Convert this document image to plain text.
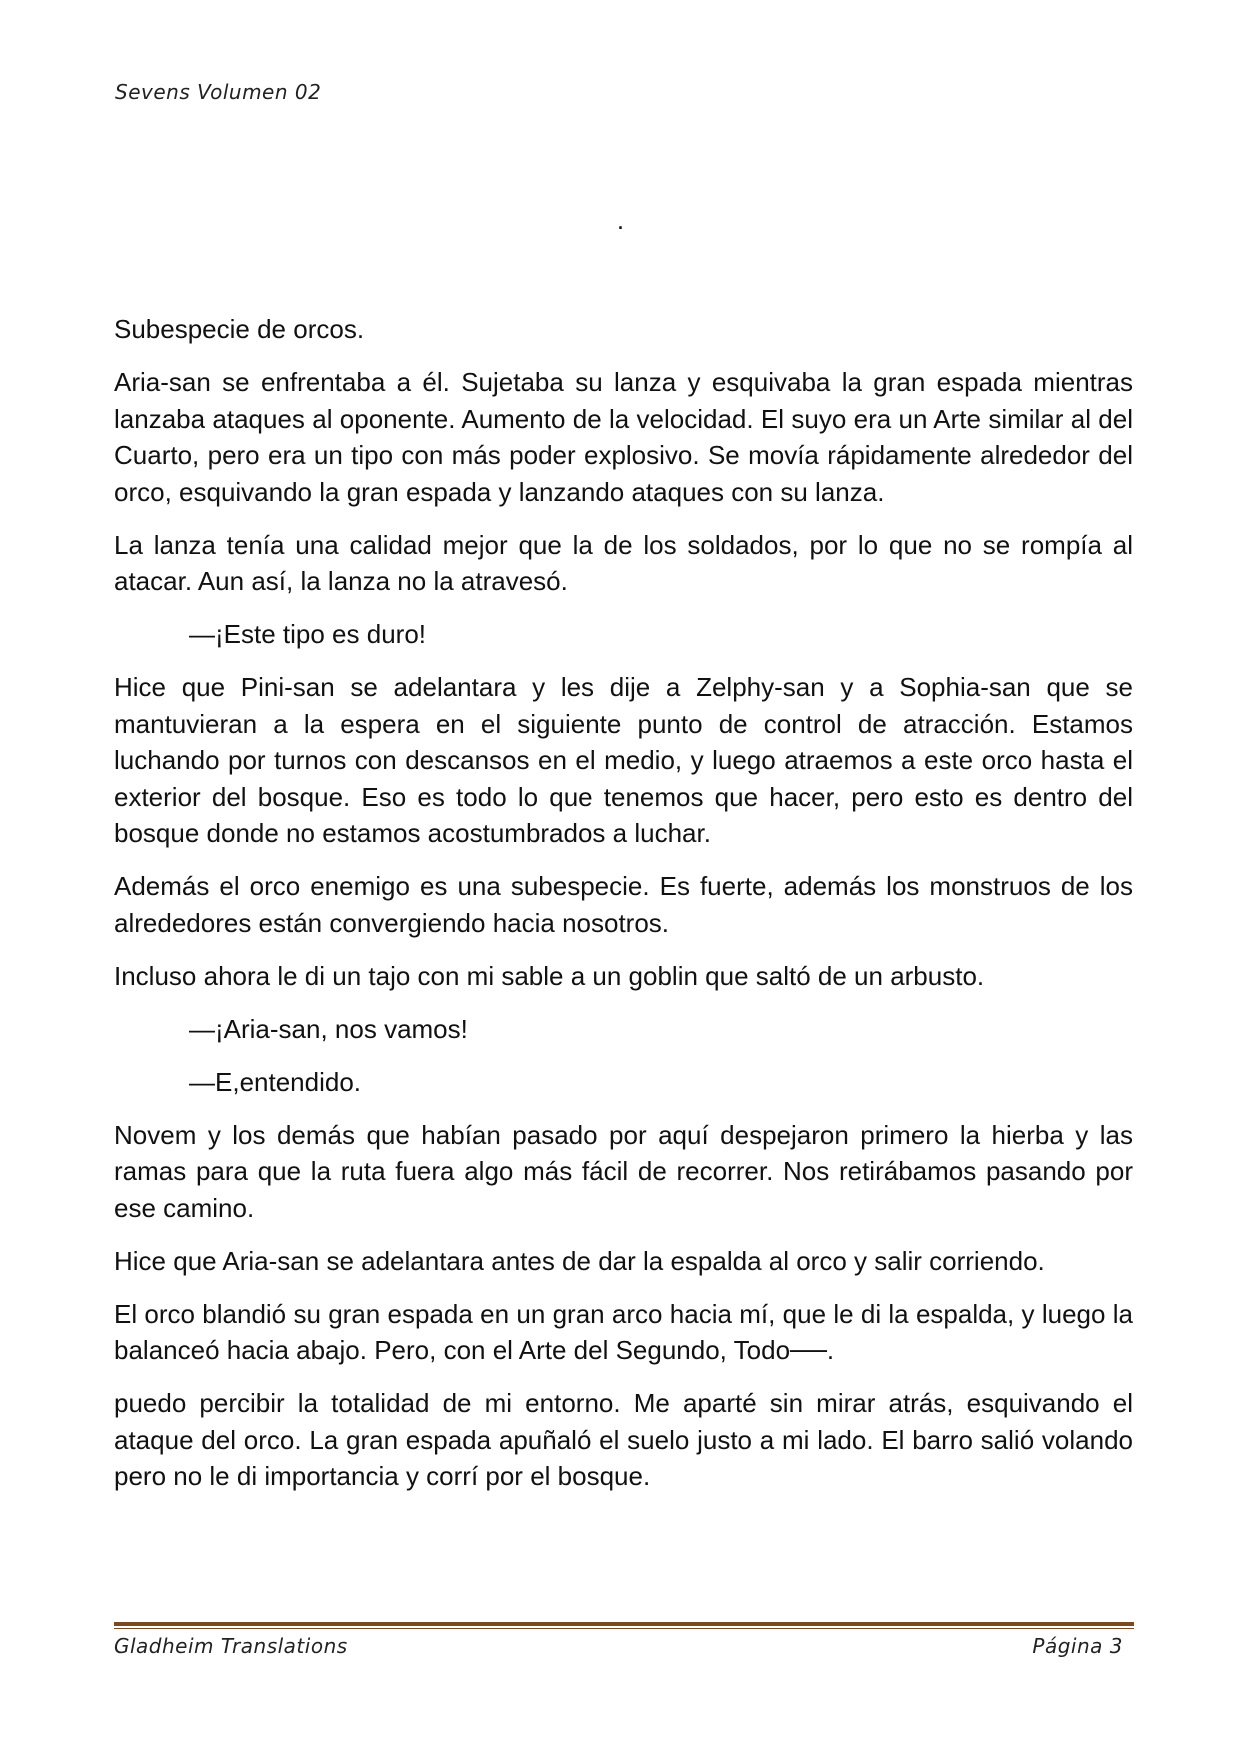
Sevens Volumen 02
.

Subespecie de orcos.

Aria-san se enfrentaba a él. Sujetaba su lanza y esquivaba la gran espada mientras lanzaba ataques al oponente. Aumento de la velocidad. El suyo era un Arte similar al del Cuarto, pero era un tipo con más poder explosivo. Se movía rápidamente alrededor del orco, esquivando la gran espada y lanzando ataques con su lanza.

La lanza tenía una calidad mejor que la de los soldados, por lo que no se rompía al atacar. Aun así, la lanza no la atravesó.

—¡Este tipo es duro!

Hice que Pini-san se adelantara y les dije a Zelphy-san y a Sophia-san que se mantuvieran a la espera en el siguiente punto de control de atracción. Estamos luchando por turnos con descansos en el medio, y luego atraemos a este orco hasta el exterior del bosque. Eso es todo lo que tenemos que hacer, pero esto es dentro del bosque donde no estamos acostumbrados a luchar.

Además el orco enemigo es una subespecie. Es fuerte, además los monstruos de los alrededores están convergiendo hacia nosotros.

Incluso ahora le di un tajo con mi sable a un goblin que saltó de un arbusto.

—¡Aria-san, nos vamos!

—E,entendido.

Novem y los demás que habían pasado por aquí despejaron primero la hierba y las ramas para que la ruta fuera algo más fácil de recorrer. Nos retirábamos pasando por ese camino.

Hice que Aria-san se adelantara antes de dar la espalda al orco y salir corriendo.

El orco blandió su gran espada en un gran arco hacia mí, que le di la espalda, y luego la balanceó hacia abajo. Pero, con el Arte del Segundo, Todo──.

puedo percibir la totalidad de mi entorno. Me aparté sin mirar atrás, esquivando el ataque del orco. La gran espada apuñaló el suelo justo a mi lado. El barro salió volando pero no le di importancia y corrí por el bosque.

Gladheim Translations	Página 3
